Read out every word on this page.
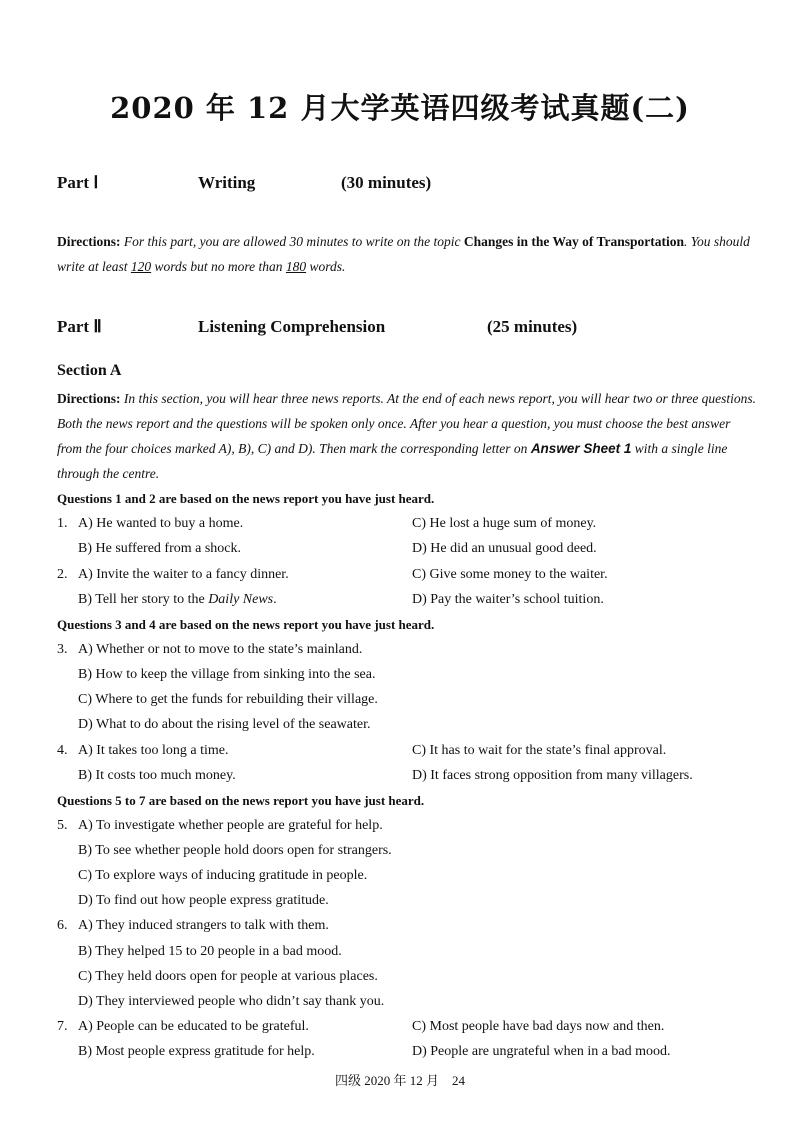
2020 年 12 月大学英语四级考试真题(二)
Part Ⅰ	Writing	(30 minutes)
Directions: For this part, you are allowed 30 minutes to write on the topic Changes in the Way of Transportation. You should write at least 120 words but no more than 180 words.
Part Ⅱ	Listening Comprehension	(25 minutes)
Section A
Directions: In this section, you will hear three news reports. At the end of each news report, you will hear two or three questions. Both the news report and the questions will be spoken only once. After you hear a question, you must choose the best answer from the four choices marked A), B), C) and D). Then mark the corresponding letter on Answer Sheet 1 with a single line through the centre.
Questions 1 and 2 are based on the news report you have just heard.
1. A) He wanted to buy a home.	C) He lost a huge sum of money.
B) He suffered from a shock.	D) He did an unusual good deed.
2. A) Invite the waiter to a fancy dinner.	C) Give some money to the waiter.
B) Tell her story to the Daily News.	D) Pay the waiter’s school tuition.
Questions 3 and 4 are based on the news report you have just heard.
3. A) Whether or not to move to the state’s mainland.
B) How to keep the village from sinking into the sea.
C) Where to get the funds for rebuilding their village.
D) What to do about the rising level of the seawater.
4. A) It takes too long a time.	C) It has to wait for the state’s final approval.
B) It costs too much money.	D) It faces strong opposition from many villagers.
Questions 5 to 7 are based on the news report you have just heard.
5. A) To investigate whether people are grateful for help.
B) To see whether people hold doors open for strangers.
C) To explore ways of inducing gratitude in people.
D) To find out how people express gratitude.
6. A) They induced strangers to talk with them.
B) They helped 15 to 20 people in a bad mood.
C) They held doors open for people at various places.
D) They interviewed people who didn’t say thank you.
7. A) People can be educated to be grateful.	C) Most people have bad days now and then.
B) Most people express gratitude for help.	D) People are ungrateful when in a bad mood.
四级 2020 年 12 月　24
